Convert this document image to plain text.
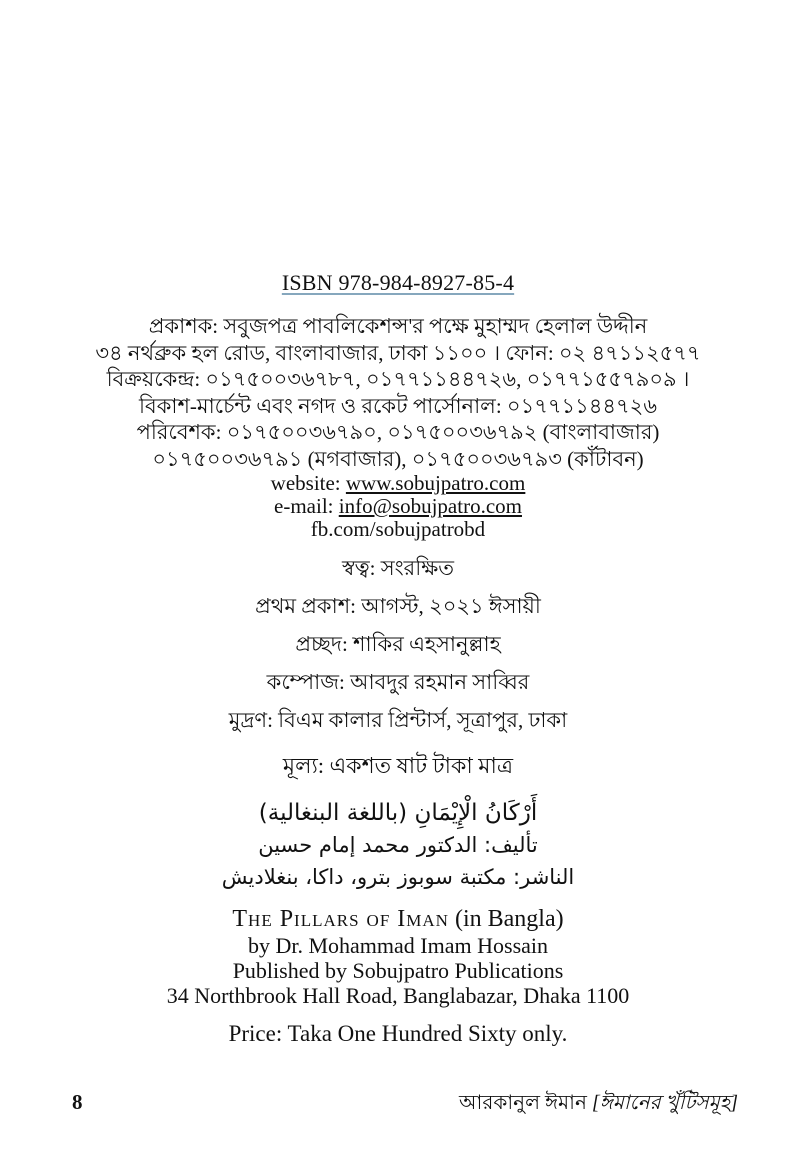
ISBN 978-984-8927-85-4
প্রকাশক: সবুজপত্র পাবলিকেশন্স'র পক্ষে মুহাম্মদ হেলাল উদ্দীন
৩৪ নর্থব্রুক হল রোড, বাংলাবাজার, ঢাকা ১১০০ । ফোন: ০২ ৪৭১১২৫৭৭
বিক্রয়কেন্দ্র: ০১৭৫০০৩৬৭৮৭, ০১৭৭১১৪৪৭২৬, ০১৭৭১৫৫৭৯০৯ ।
বিকাশ-মার্চেন্ট এবং নগদ ও রকেট পার্সোনাল: ০১৭৭১১৪৪৭২৬
পরিবেশক: ০১৭৫০০৩৬৭৯০, ০১৭৫০০৩৬৭৯২ (বাংলাবাজার)
০১৭৫০০৩৬৭৯১ (মগবাজার), ০১৭৫০০৩৬৭৯৩ (কাঁটাবন)
website: www.sobujpatro.com
e-mail: info@sobujpatro.com
fb.com/sobujpatrobd
স্বত্ব: সংরক্ষিত
প্রথম প্রকাশ: আগস্ট, ২০২১ ঈসায়ী
প্রচ্ছদ: শাকির এহসানুল্লাহ
কম্পোজ: আবদুর রহমান সাব্বির
মুদ্রণ: বিএম কালার প্রিন্টার্স, সূত্রাপুর, ঢাকা
মূল্য: একশত ষাট টাকা মাত্র
أَرْكَانُ الْإِيْمَانِ (باللغة البنغالية)
تأليف: الدكتور محمد إمام حسين
الناشر: مكتبة سوبوز بترو، داكا، بنغلاديش
The Pillars of Iman (in Bangla)
by Dr. Mohammad Imam Hossain
Published by Sobujpatro Publications
34 Northbrook Hall Road, Banglabazar, Dhaka 1100
Price: Taka One Hundred Sixty only.
8	আরকানুল ঈমান [ঈমানের খুঁটিসমূহ]
